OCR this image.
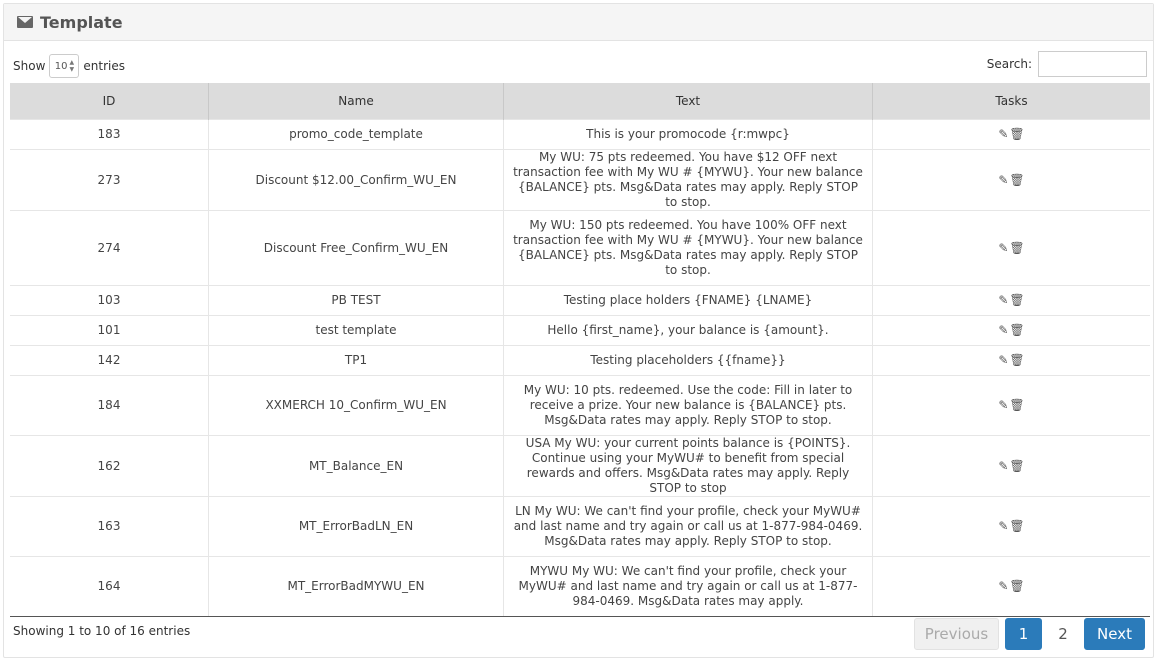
Template
Show 10 ▲
▼ entries	Search:
ID	Name	Text	Tasks
183	promo_code_template	This is your promocode {r:mwpc}	✎ 🗑

273	Discount $12.00_Confirm_WU_EN	My WU: 75 pts redeemed. You have $12 OFF next transaction fee with My WU # {MYWU}. Your new balance {BALANCE} pts. Msg&Data rates may apply. Reply STOP to stop.	✎ 🗑

274	Discount Free_Confirm_WU_EN	My WU: 150 pts redeemed. You have 100% OFF next transaction fee with My WU # {MYWU}. Your new balance {BALANCE} pts. Msg&Data rates may apply. Reply STOP to stop.	✎ 🗑

103	PB TEST	Testing place holders {FNAME} {LNAME}	✎ 🗑

101	test template	Hello {first_name}, your balance is {amount}.	✎ 🗑

142	TP1	Testing placeholders {{fname}}	✎ 🗑

184	XXMERCH 10_Confirm_WU_EN	My WU: 10 pts. redeemed. Use the code: Fill in later to receive a prize. Your new balance is {BALANCE} pts. Msg&Data rates may apply. Reply STOP to stop.	✎ 🗑

162	MT_Balance_EN	USA My WU: your current points balance is {POINTS}. Continue using your MyWU# to benefit from special rewards and offers. Msg&Data rates may apply. Reply STOP to stop	✎ 🗑

163	MT_ErrorBadLN_EN	LN My WU: We can't find your profile, check your MyWU# and last name and try again or call us at 1-877-984-0469. Msg&Data rates may apply. Reply STOP to stop.	✎ 🗑

164	MT_ErrorBadMYWU_EN	MYWU My WU: We can't find your profile, check your MyWU# and last name and try again or call us at 1-877-984-0469. Msg&Data rates may apply.	✎ 🗑
Showing 1 to 10 of 16 entries	Previous	1	2	Next
